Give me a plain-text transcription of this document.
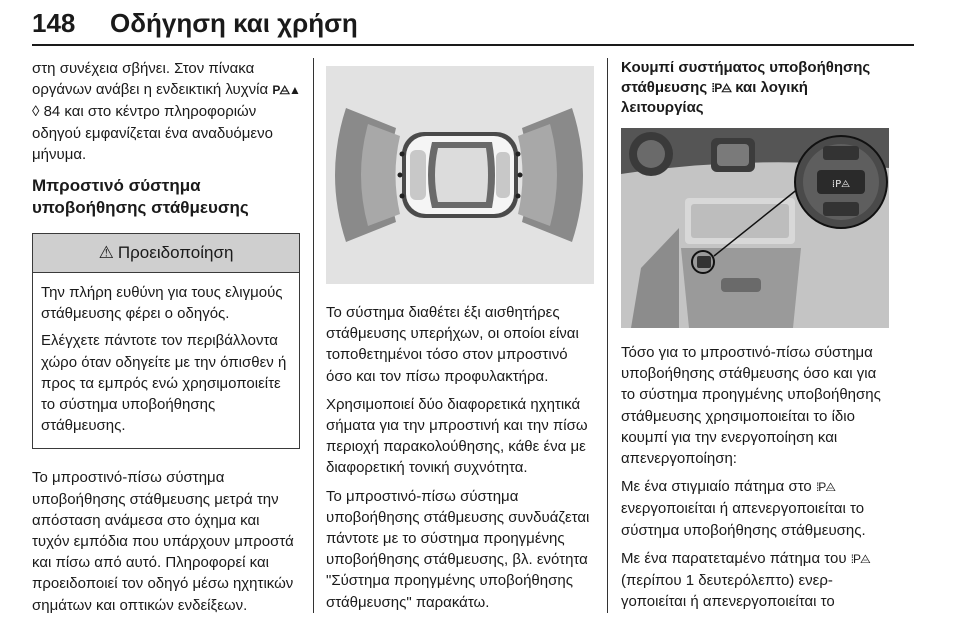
148 Οδήγηση και χρήση

στη συνέχεια σβήνει. Στον πίνακα οργάνων ανάβει η ενδεικτική λυχνία P⨺▲ ◊ 84 και στο κέντρο πληροφοριών οδηγού εμφανίζεται ένα αναδυόμενο μήνυμα.

Μπροστινό σύστημα υποβοήθησης στάθμευσης
⚠ Προειδοποίηση

Την πλήρη ευθύνη για τους ελιγμούς στάθμευσης φέρει ο οδηγός.

Ελέγχετε πάντοτε τον περιβάλλοντα χώρο όταν οδηγείτε με την όπισθεν ή προς τα εμπρός ενώ χρησιμοποιείτε το σύστημα υποβοήθησης στάθμευσης.

Το μπροστινό-πίσω σύστημα υποβοήθησης στάθμευσης μετρά την απόσταση ανάμεσα στο όχημα και τυχόν εμπόδια που υπάρχουν μπροστά και πίσω από αυτό. Πληροφορεί και προειδοποιεί τον οδηγό μέσω ηχητικών σημάτων και οπτικών ενδείξεων.

Το σύστημα διαθέτει έξι αισθητήρες στάθμευσης υπερήχων, οι οποίοι είναι τοποθετημένοι τόσο στον μπροστινό όσο και τον πίσω προφυλακτήρα.

Χρησιμοποιεί δύο διαφορετικά ηχητικά σήματα για την μπροστινή και την πίσω περιοχή παρακολούθησης, κάθε ένα με διαφορετική τονική συχνότητα.

Το μπροστινό-πίσω σύστημα υποβοήθησης στάθμευσης συνδυάζεται πάντοτε με το σύστημα προηγμένης υποβοήθησης στάθμευσης, βλ. ενότητα "Σύστημα προηγμένης υποβοήθησης στάθμευσης" παρακάτω.

Κουμπί συστήματος υποβοήθησης στάθμευσης ⁞P⨺ και λογική λειτουργίας
⁞P⨺

Τόσο για το μπροστινό-πίσω σύστημα υποβοήθησης στάθμευσης όσο και για το σύστημα προηγμένης υποβοήθησης στάθμευσης χρησιμοποιείται το ίδιο κουμπί για την ενεργοποίηση και απενεργοποίηση:

Με ένα στιγμιαίο πάτημα στο ⁞P⨺ ενεργοποιείται ή απενεργοποιείται το σύστημα υποβοήθησης στάθμευσης.

Με ένα παρατεταμένο πάτημα του ⁞P⨺ (περίπου 1 δευτερόλεπτο) ενεργοποιείται ή απενεργοποιείται το
